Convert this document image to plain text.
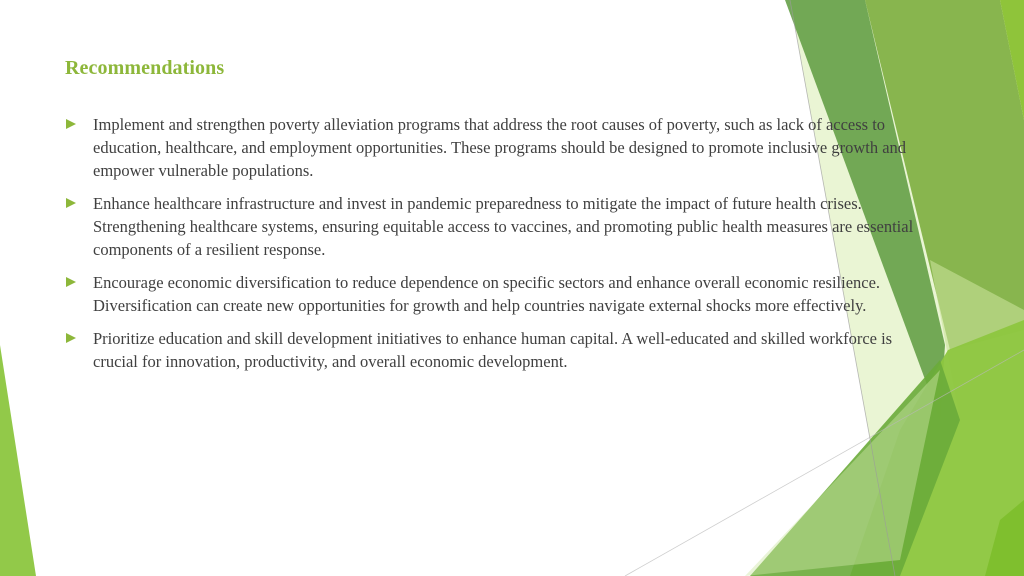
Recommendations
Implement and strengthen poverty alleviation programs that address the root causes of poverty, such as lack of access to education, healthcare, and employment opportunities. These programs should be designed to promote inclusive growth and empower vulnerable populations.
Enhance healthcare infrastructure and invest in pandemic preparedness to mitigate the impact of future health crises. Strengthening healthcare systems, ensuring equitable access to vaccines, and promoting public health measures are essential components of a resilient response.
Encourage economic diversification to reduce dependence on specific sectors and enhance overall economic resilience. Diversification can create new opportunities for growth and help countries navigate external shocks more effectively.
Prioritize education and skill development initiatives to enhance human capital. A well-educated and skilled workforce is crucial for innovation, productivity, and overall economic development.
